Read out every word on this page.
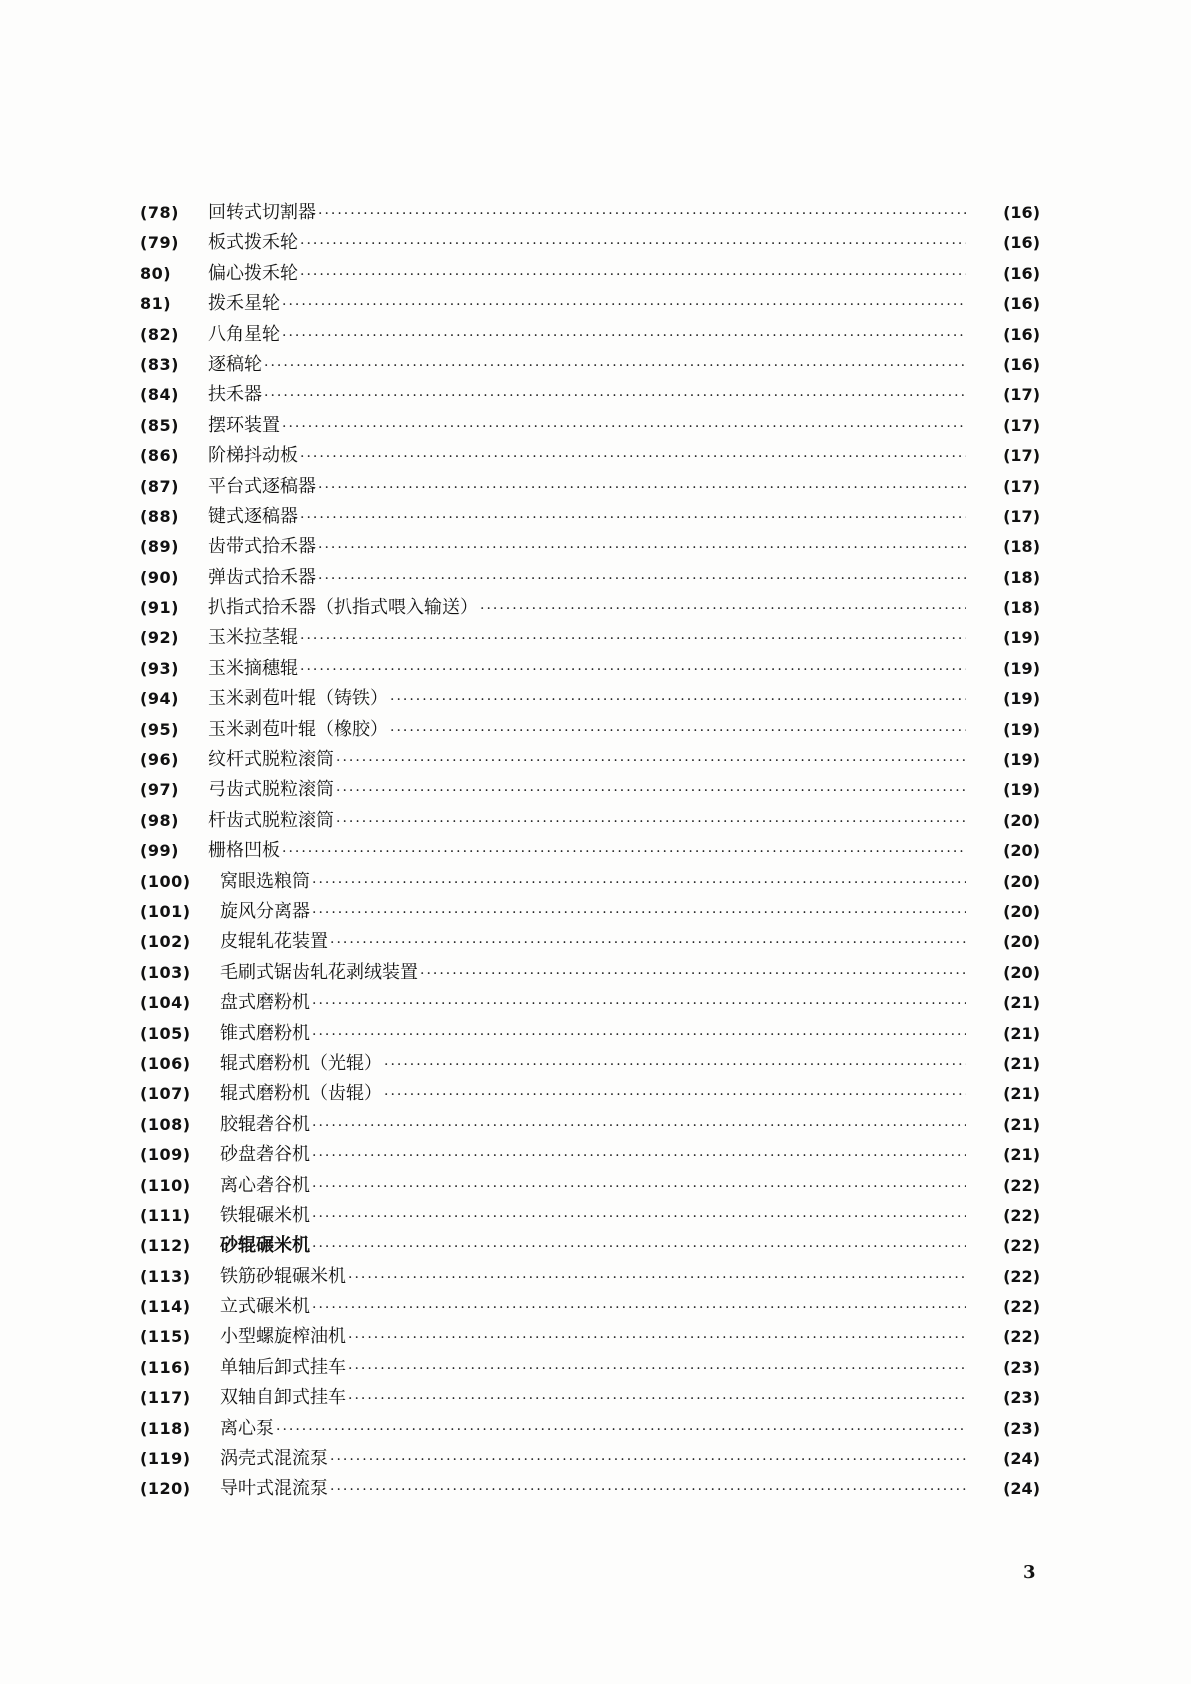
(78)	回转式切割器 ·····	(16)
(79)	板式拨禾轮 ·····	(16)
80)	偏心拨禾轮 ·····	(16)
81)	拨禾星轮 ·····	(16)
(82)	八角星轮 ·····	(16)
(83)	逐稿轮 ·····	(16)
(84)	扶禾器 ·····	(17)
(85)	摆环装置 ·····	(17)
(86)	阶梯抖动板 ·····	(17)
(87)	平台式逐稿器 ·····	(17)
(88)	键式逐稿器 ·····	(17)
(89)	齿带式拾禾器 ·····	(18)
(90)	弹齿式拾禾器 ·····	(18)
(91)	扒指式拾禾器（扒指式喂入输送） ·····	(18)
(92)	玉米拉茎辊 ·····	(19)
(93)	玉米摘穗辊 ·····	(19)
(94)	玉米剥苞叶辊（铸铁） ·····	(19)
(95)	玉米剥苞叶辊（橡胶） ·····	(19)
(96)	纹杆式脱粒滚筒 ·····	(19)
(97)	弓齿式脱粒滚筒 ·····	(19)
(98)	杆齿式脱粒滚筒 ·····	(20)
(99)	栅格凹板 ·····	(20)
(100)	窝眼选粮筒 ·····	(20)
(101)	旋风分离器 ·····	(20)
(102)	皮辊轧花装置 ·····	(20)
(103)	毛刷式锯齿轧花剥绒装置 ·····	(20)
(104)	盘式磨粉机 ·····	(21)
(105)	锥式磨粉机 ·····	(21)
(106)	辊式磨粉机（光辊） ·····	(21)
(107)	辊式磨粉机（齿辊） ·····	(21)
(108)	胶辊砻谷机 ·····	(21)
(109)	砂盘砻谷机 ·····	(21)
(110)	离心砻谷机 ·····	(22)
(111)	铁辊碾米机 ·····	(22)
(112)	砂辊碾米机 ·····	(22)
(113)	铁筋砂辊碾米机 ·····	(22)
(114)	立式碾米机 ·····	(22)
(115)	小型螺旋榨油机 ·····	(22)
(116)	单轴后卸式挂车 ·····	(23)
(117)	双轴自卸式挂车 ·····	(23)
(118)	离心泵 ·····	(23)
(119)	涡壳式混流泵 ·····	(24)
(120)	导叶式混流泵 ·····	(24)
3
